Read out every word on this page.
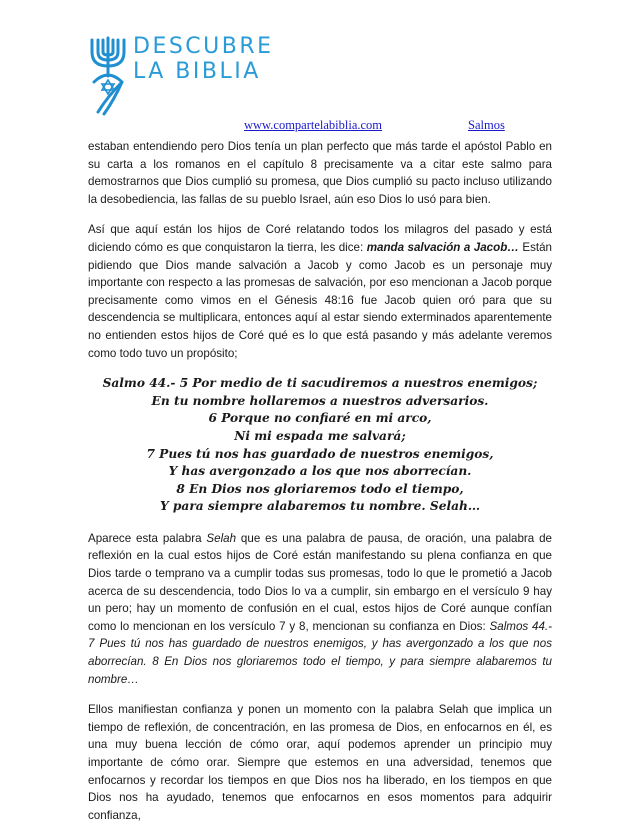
DESCUBRE
LA BIBLIA
www.compartelabiblia.com	Salmos

estaban entendiendo pero Dios tenía un plan perfecto que más tarde el apóstol Pablo en su carta a los romanos en el capítulo 8 precisamente va a citar este salmo para demostrarnos que Dios cumplió su promesa, que Dios cumplió su pacto incluso utilizando la desobediencia, las fallas de su pueblo Israel, aún eso Dios lo usó para bien.

Así que aquí están los hijos de Coré relatando todos los milagros del pasado y está diciendo cómo es que conquistaron la tierra, les dice: manda salvación a Jacob… Están pidiendo que Dios mande salvación a Jacob y como Jacob es un personaje muy importante con respecto a las promesas de salvación, por eso mencionan a Jacob porque precisamente como vimos en el Génesis 48:16 fue Jacob quien oró para que su descendencia se multiplicara, entonces aquí al estar siendo exterminados aparentemente no entienden estos hijos de Coré qué es lo que está pasando y más adelante veremos como todo tuvo un propósito;

Salmo 44.- 5 Por medio de ti sacudiremos a nuestros enemigos;
En tu nombre hollaremos a nuestros adversarios.
6 Porque no confiaré en mi arco,
Ni mi espada me salvará;
7 Pues tú nos has guardado de nuestros enemigos,
Y has avergonzado a los que nos aborrecían.
8 En Dios nos gloriaremos todo el tiempo,
Y para siempre alabaremos tu nombre. Selah…

Aparece esta palabra Selah que es una palabra de pausa, de oración, una palabra de reflexión en la cual estos hijos de Coré están manifestando su plena confianza en que Dios tarde o temprano va a cumplir todas sus promesas, todo lo que le prometió a Jacob acerca de su descendencia, todo Dios lo va a cumplir, sin embargo en el versículo 9 hay un pero; hay un momento de confusión en el cual, estos hijos de Coré aunque confían como lo mencionan en los versículo 7 y 8, mencionan su confianza en Dios: Salmos 44.- 7 Pues tú nos has guardado de nuestros enemigos, y has avergonzado a los que nos aborrecían. 8 En Dios nos gloriaremos todo el tiempo, y para siempre alabaremos tu nombre…

Ellos manifiestan confianza y ponen un momento con la palabra Selah que implica un tiempo de reflexión, de concentración, en las promesa de Dios, en enfocarnos en él, es una muy buena lección de cómo orar, aquí podemos aprender un principio muy importante de cómo orar. Siempre que estemos en una adversidad, tenemos que enfocarnos y recordar los tiempos en que Dios nos ha liberado, en los tiempos en que Dios nos ha ayudado, tenemos que enfocarnos en esos momentos para adquirir confianza,
